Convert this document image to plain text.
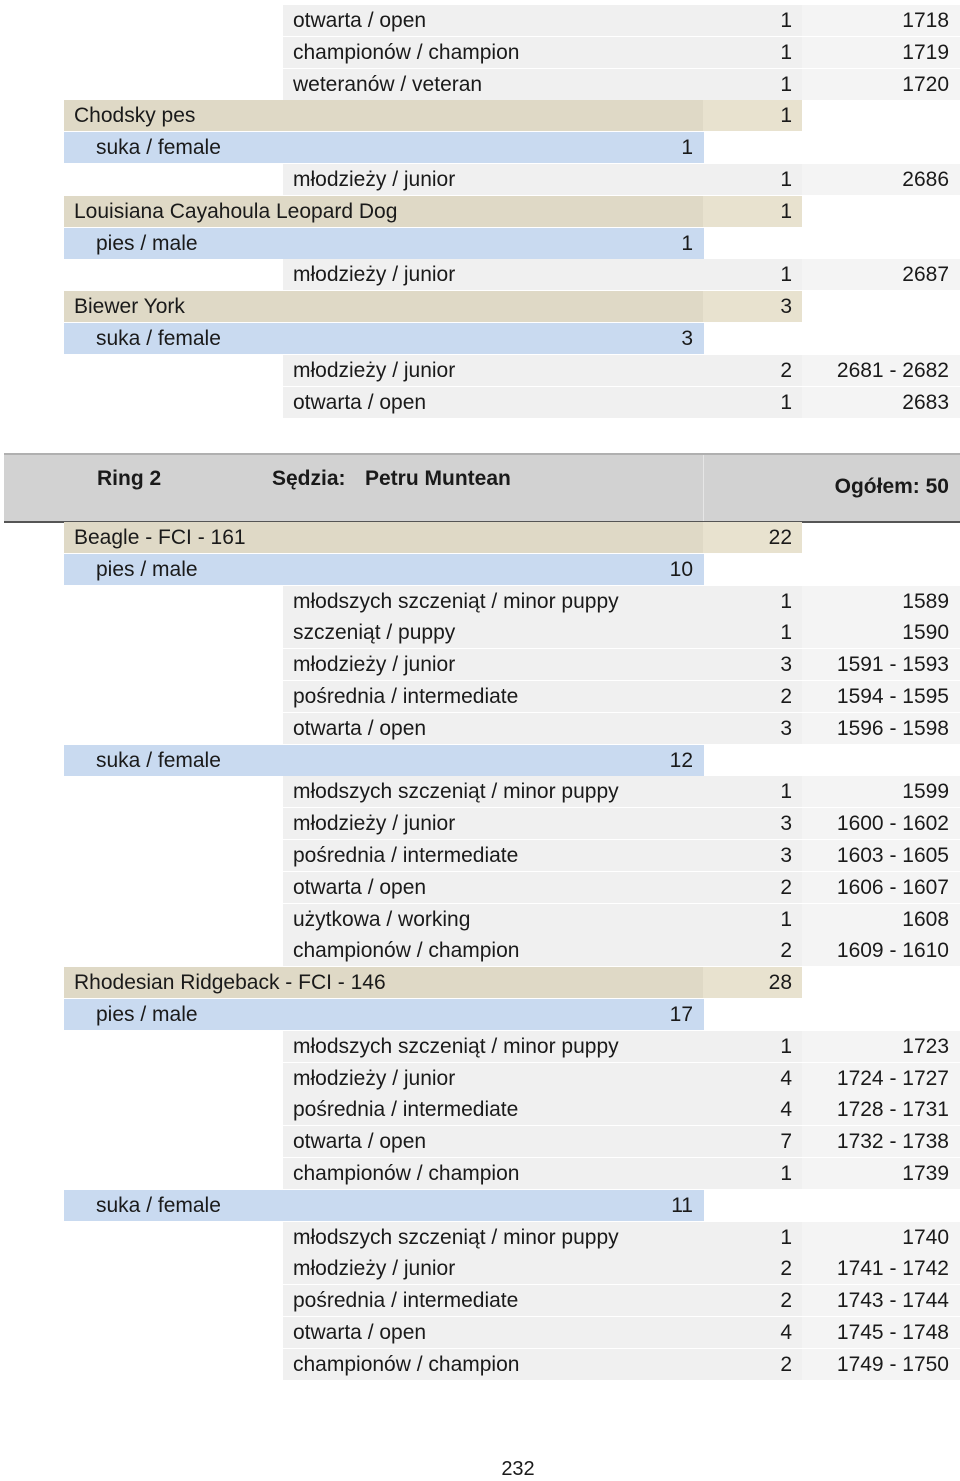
otwarta / open	1	1718
championów / champion	1	1719
weteranów / veteran	1	1720
Chodsky pes	1
suka / female	1
młodzieży / junior	1	2686
Louisiana Cayahoula Leopard Dog	1
pies / male	1
młodzieży / junior	1	2687
Biewer York	3
suka / female	3
młodzieży / junior	2	2681 - 2682
otwarta / open	1	2683
Ring 2	Sędzia: Petru Muntean	Ogółem: 50
Beagle - FCI - 161	22
pies / male	10
młodszych szczeniąt / minor puppy	1	1589
szczeniąt / puppy	1	1590
młodzieży / junior	3	1591 - 1593
pośrednia / intermediate	2	1594 - 1595
otwarta / open	3	1596 - 1598
suka / female	12
młodszych szczeniąt / minor puppy	1	1599
młodzieży / junior	3	1600 - 1602
pośrednia / intermediate	3	1603 - 1605
otwarta / open	2	1606 - 1607
użytkowa / working	1	1608
championów / champion	2	1609 - 1610
Rhodesian Ridgeback - FCI - 146	28
pies / male	17
młodszych szczeniąt / minor puppy	1	1723
młodzieży / junior	4	1724 - 1727
pośrednia / intermediate	4	1728 - 1731
otwarta / open	7	1732 - 1738
championów / champion	1	1739
suka / female	11
młodszych szczeniąt / minor puppy	1	1740
młodzieży / junior	2	1741 - 1742
pośrednia / intermediate	2	1743 - 1744
otwarta / open	4	1745 - 1748
championów / champion	2	1749 - 1750
232
